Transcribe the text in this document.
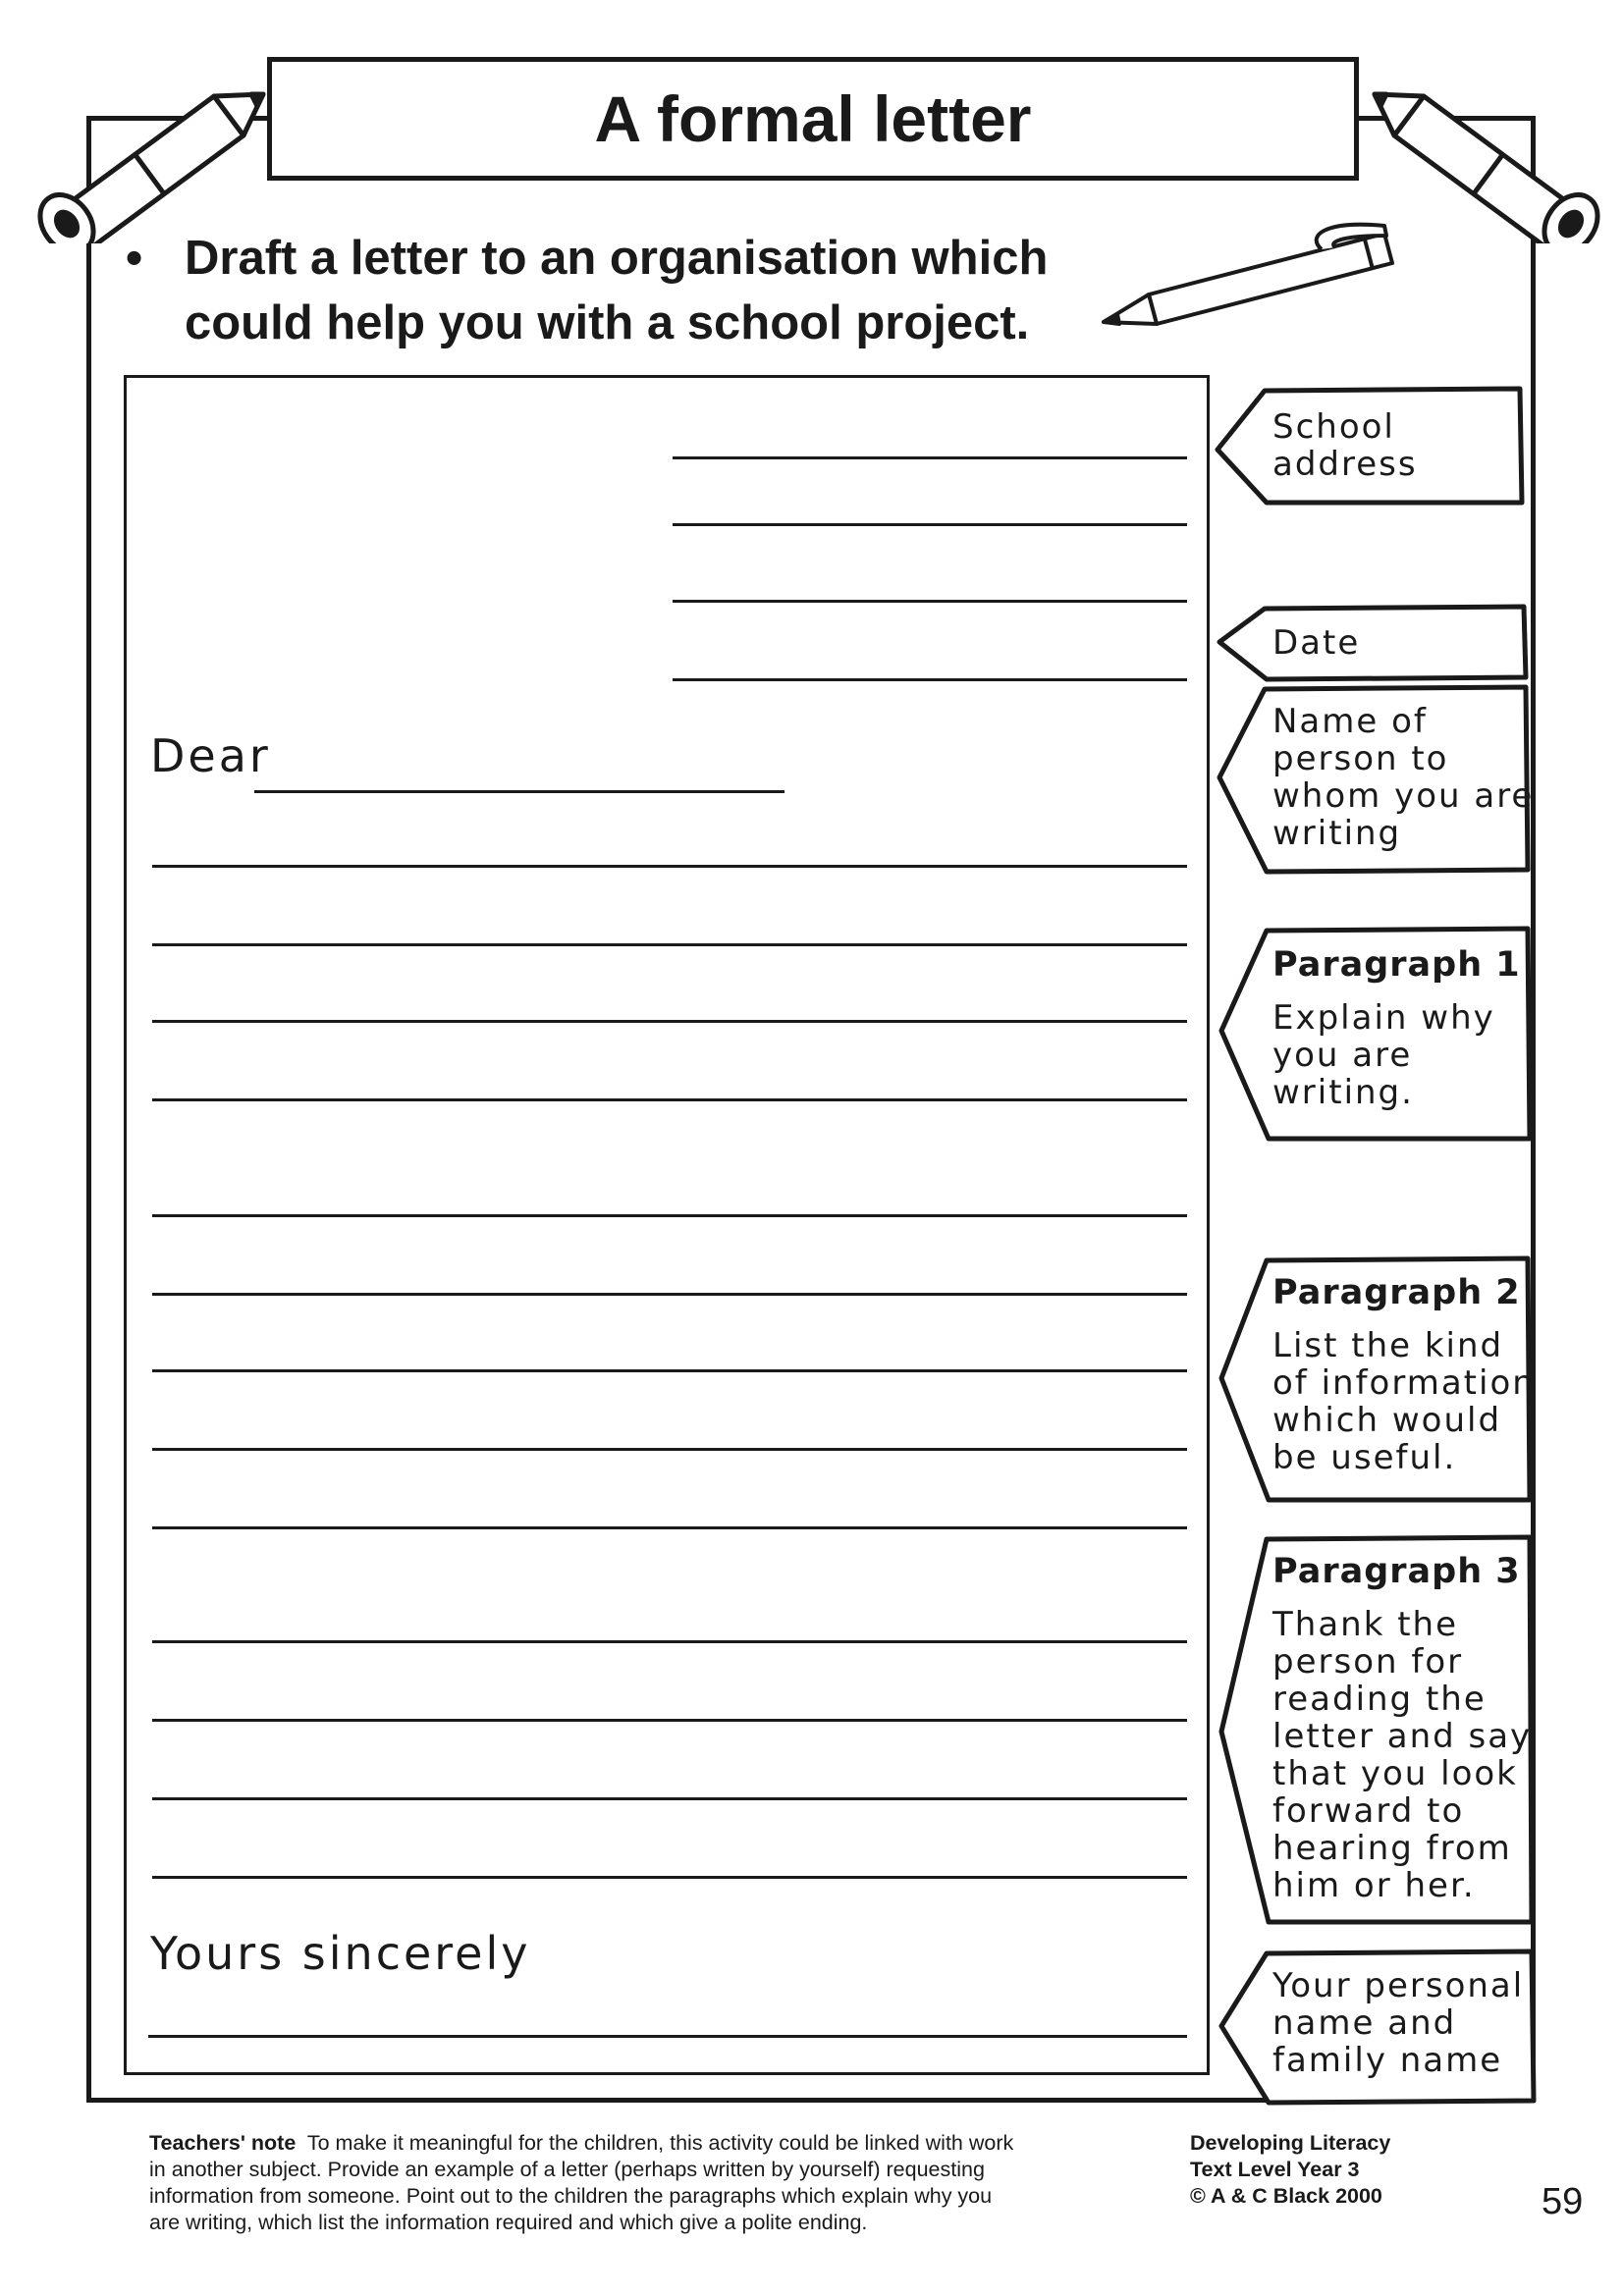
A formal letter
• Draft a letter to an organisation which could help you with a school project.
Dear
Yours sincerely
School
address
Date
Name of
person to
whom you are
writing
Paragraph 1
Explain why
you are
writing.
Paragraph 2
List the kind
of information
which would
be useful.
Paragraph 3
Thank the
person for
reading the
letter and say
that you look
forward to
hearing from
him or her.
Your personal
name and
family name
Teachers' note To make it meaningful for the children, this activity could be linked with work
in another subject. Provide an example of a letter (perhaps written by yourself) requesting
information from someone. Point out to the children the paragraphs which explain why you
are writing, which list the information required and which give a polite ending.
Developing Literacy
Text Level Year 3
© A & C Black 2000	59
